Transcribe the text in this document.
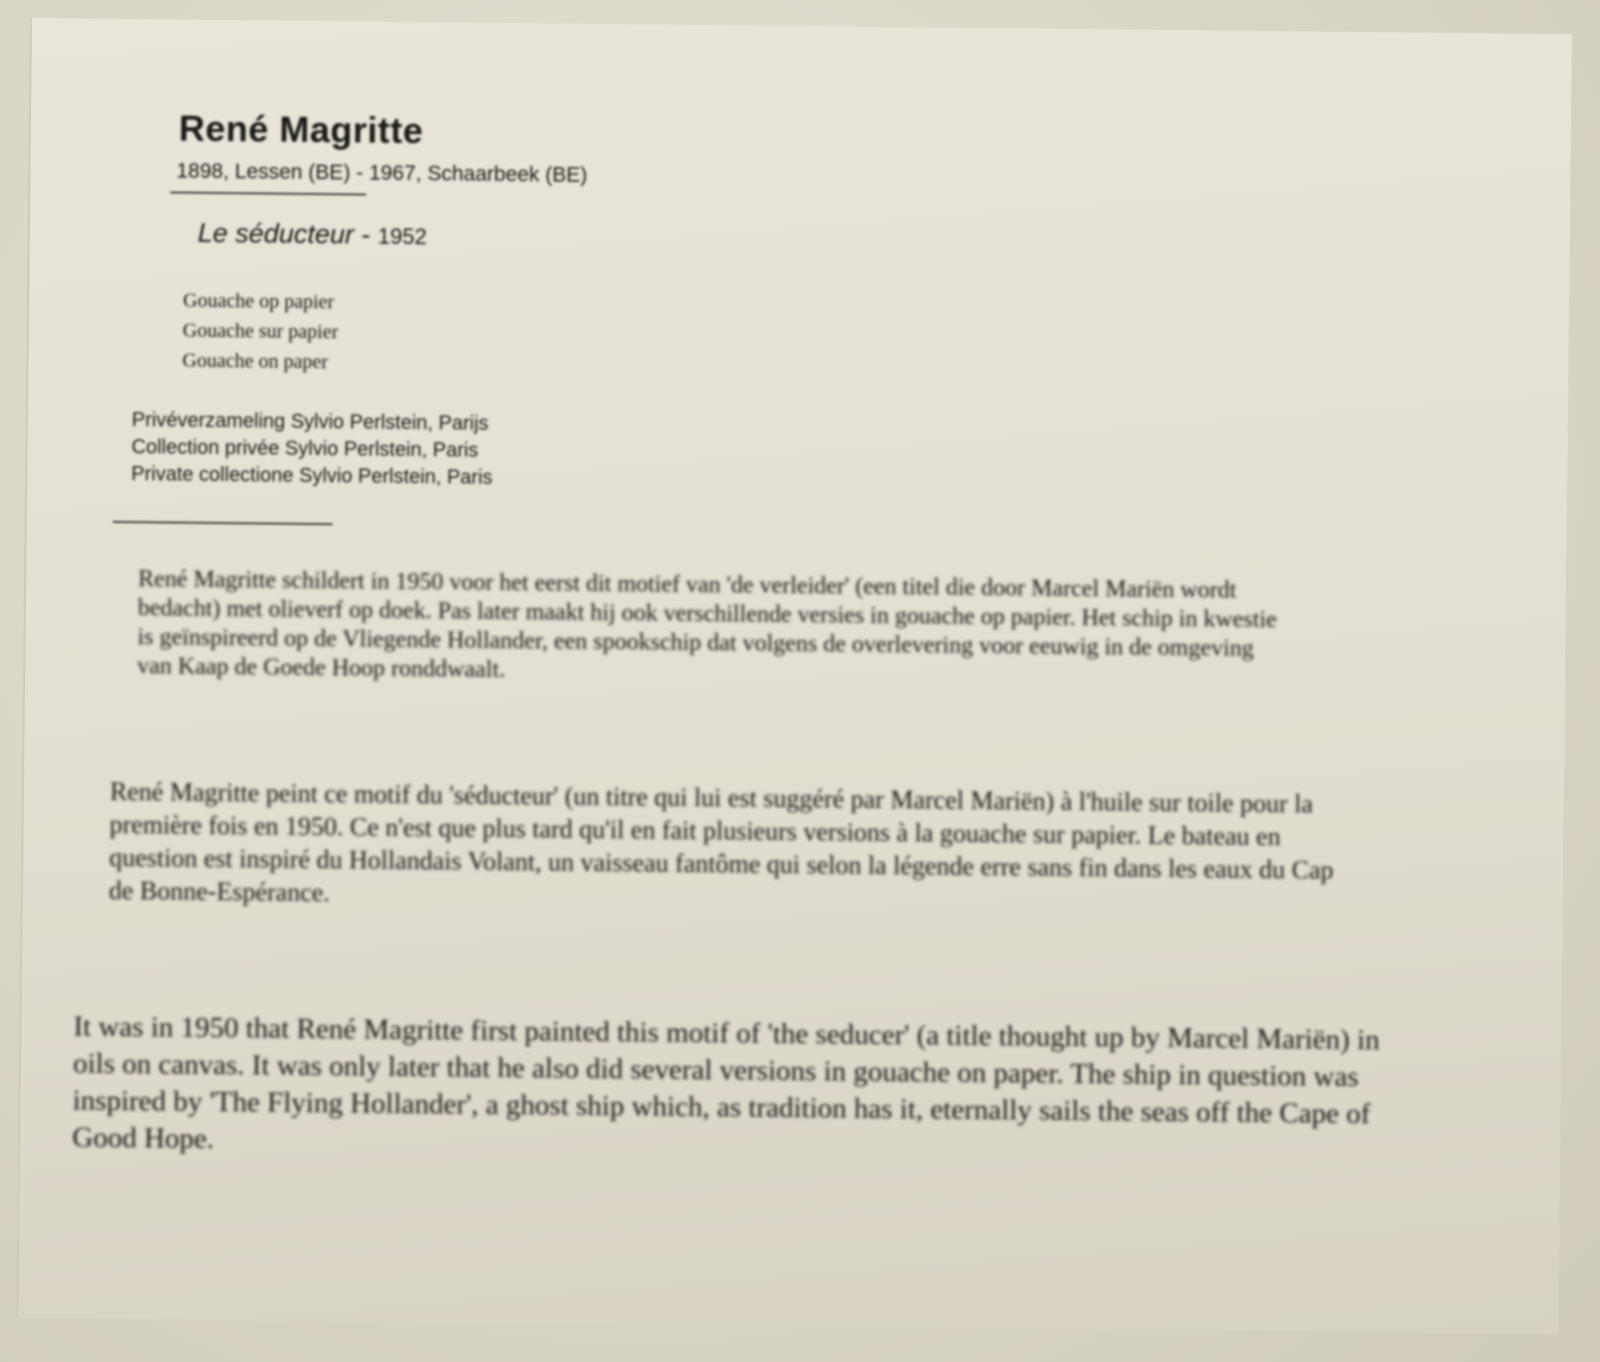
René Magritte
1898, Lessen (BE) - 1967, Schaarbeek (BE)
Le séducteur - 1952
Gouache op papier
Gouache sur papier
Gouache on paper
Privéverzameling Sylvio Perlstein, Parijs
Collection privée Sylvio Perlstein, Paris
Private collectione Sylvio Perlstein, Paris
René Magritte schildert in 1950 voor het eerst dit motief van 'de verleider' (een titel die door Marcel Mariën wordt bedacht) met olieverf op doek. Pas later maakt hij ook verschillende versies in gouache op papier. Het schip in kwestie is geïnspireerd op de Vliegende Hollander, een spookschip dat volgens de overlevering voor eeuwig in de omgeving van Kaap de Goede Hoop ronddwaalt.
René Magritte peint ce motif du 'séducteur' (un titre qui lui est suggéré par Marcel Mariën) à l'huile sur toile pour la première fois en 1950. Ce n'est que plus tard qu'il en fait plusieurs versions à la gouache sur papier. Le bateau en question est inspiré du Hollandais Volant, un vaisseau fantôme qui selon la légende erre sans fin dans les eaux du Cap de Bonne-Espérance.
It was in 1950 that René Magritte first painted this motif of 'the seducer' (a title thought up by Marcel Mariën) in oils on canvas. It was only later that he also did several versions in gouache on paper. The ship in question was inspired by 'The Flying Hollander', a ghost ship which, as tradition has it, eternally sails the seas off the Cape of Good Hope.
